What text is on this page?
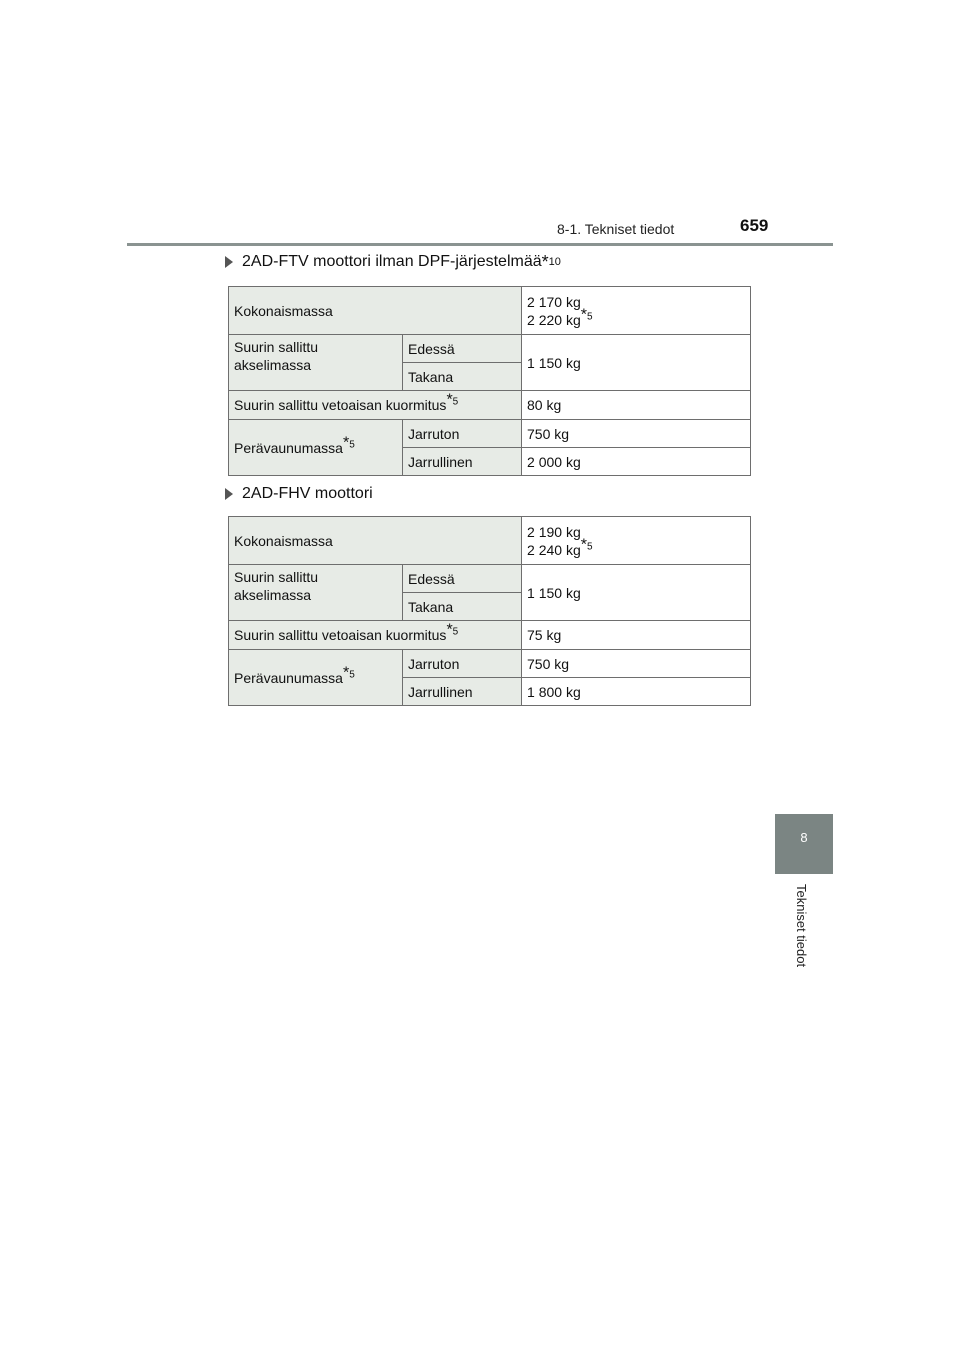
8-1. Tekniset tiedot	659
8
Tekniset tiedot
2AD-FTV moottori ilman DPF-järjestelmää * 10
Kokonaismassa		2 170 kg
2 220 kg*$^5$

Suurin sallittu akselimassa	Edessä	1 150 kg
	Takana	
Suurin sallittu vetoaisan kuormitus*$^5$		80 kg
Perävaunumassa*$^5$	Jarruton	750 kg
	Jarrullinen	2 000 kg
2AD-FHV moottori
Kokonaismassa		2 190 kg
2 240 kg*$^5$

Suurin sallittu akselimassa	Edessä	1 150 kg
	Takana	
Suurin sallittu vetoaisan kuormitus*$^5$		75 kg
Perävaunumassa*$^5$	Jarruton	750 kg
	Jarrullinen	1 800 kg
